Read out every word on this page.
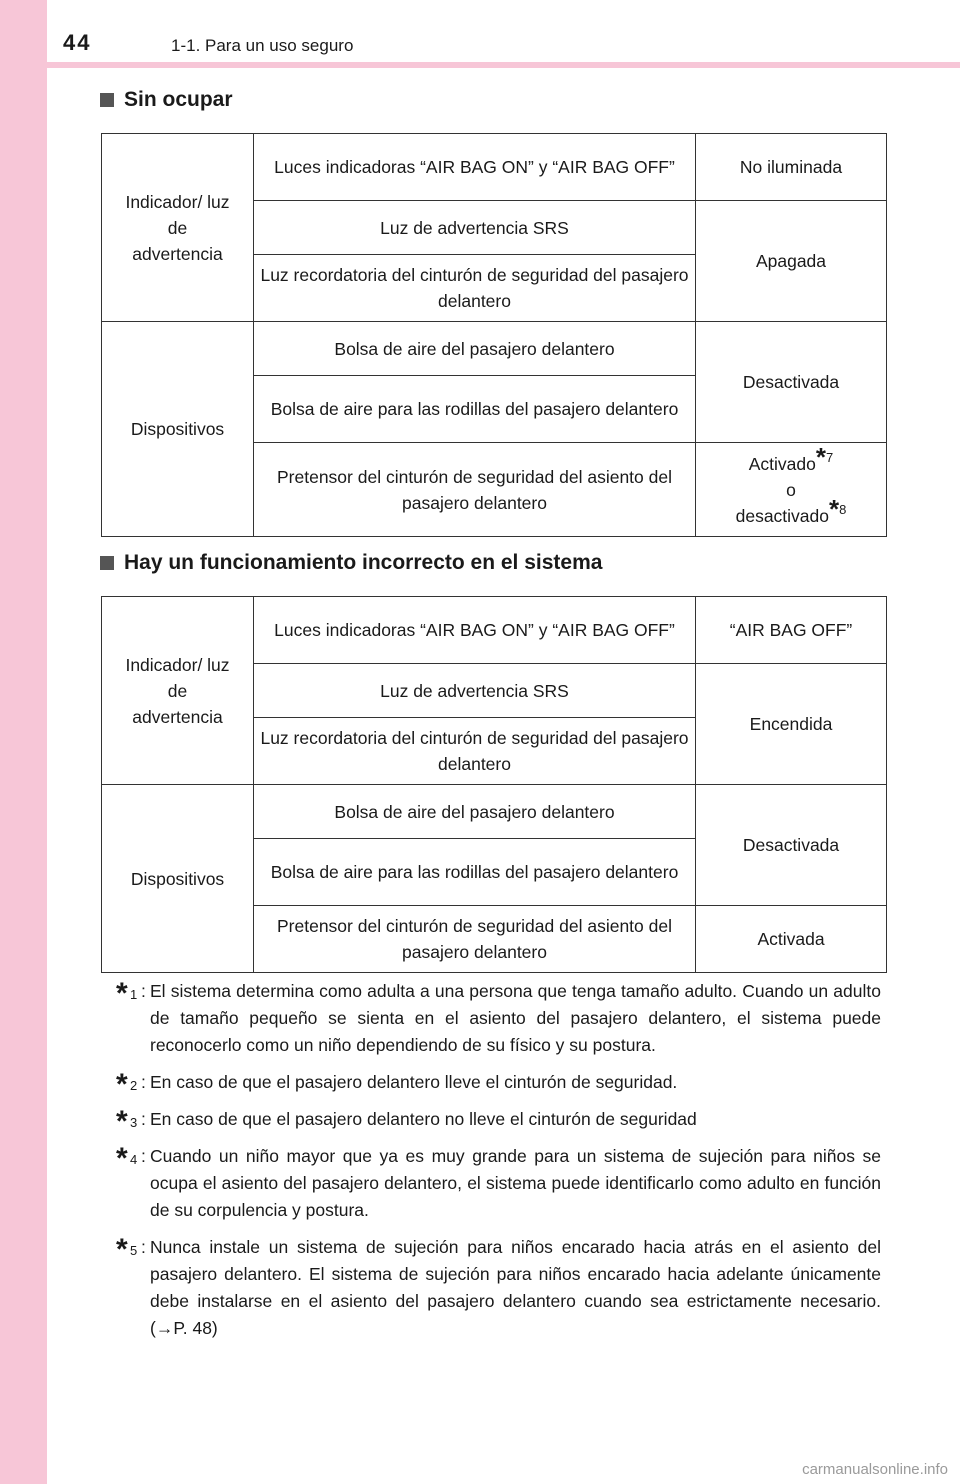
44	1-1. Para un uso seguro
Sin ocupar
Indicador/ luz de advertencia	Luces indicadoras “AIR BAG ON” y “AIR BAG OFF”	No iluminada
	Luz de advertencia SRS	Apagada
	Luz recordatoria del cinturón de seguridad del pasajero delantero	
Dispositivos	Bolsa de aire del pasajero delantero	Desactivada
	Bolsa de aire para las rodillas del pasajero delantero	
	Pretensor del cinturón de seguridad del asiento del pasajero delantero	Activado$^{*7}$
o
desactivado$^{*8}$
Hay un funcionamiento incorrecto en el sistema
Indicador/ luz de advertencia	Luces indicadoras “AIR BAG ON” y “AIR BAG OFF”	“AIR BAG OFF”
	Luz de advertencia SRS	Encendida
	Luz recordatoria del cinturón de seguridad del pasajero delantero	
Dispositivos	Bolsa de aire del pasajero delantero	Desactivada
	Bolsa de aire para las rodillas del pasajero delantero	
	Pretensor del cinturón de seguridad del asiento del pasajero delantero	Activada
* 1 : El sistema determina como adulta a una persona que tenga tamaño adulto. Cuando un adulto de tamaño pequeño se sienta en el asiento del pasajero delantero, el sistema puede reconocerlo como un niño dependiendo de su físico y su postura.
* 2 : En caso de que el pasajero delantero lleve el cinturón de seguridad.
* 3 : En caso de que el pasajero delantero no lleve el cinturón de seguridad
* 4 : Cuando un niño mayor que ya es muy grande para un sistema de sujeción para niños se ocupa el asiento del pasajero delantero, el sistema puede identificarlo como adulto en función de su corpulencia y postura.
* 5 : Nunca instale un sistema de sujeción para niños encarado hacia atrás en el asiento del pasajero delantero. El sistema de sujeción para niños encarado hacia adelante únicamente debe instalarse en el asiento del pasajero delantero cuando sea estrictamente necesario. (→P. 48)
carmanualsonline.info
